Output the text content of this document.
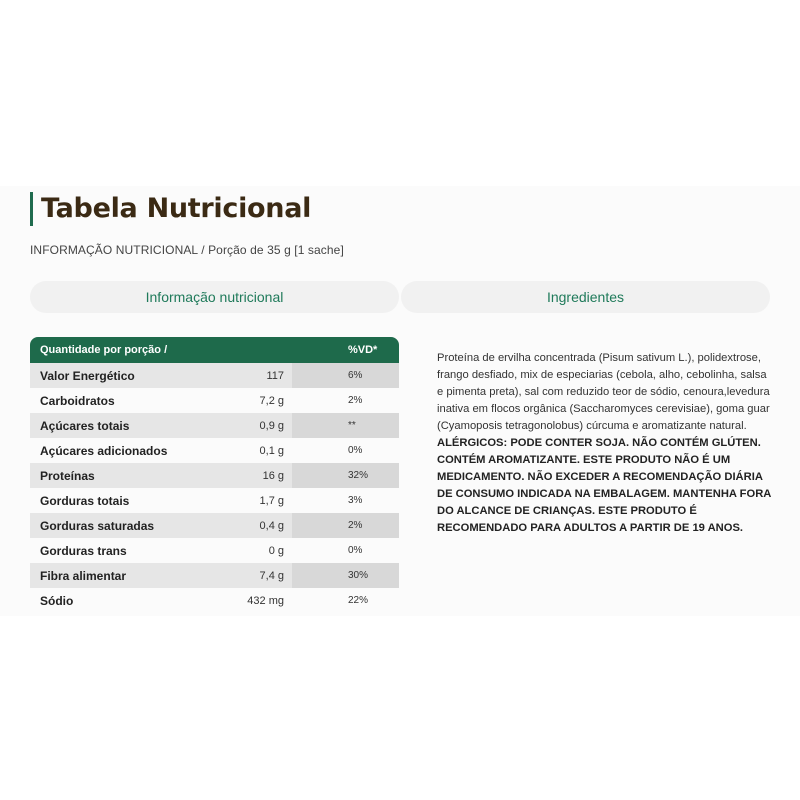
Tabela Nutricional
INFORMAÇÃO NUTRICIONAL / Porção de 35 g [1 sache]
Informação nutricional	Ingredientes
Quantidade por porção /	%VD*
Valor Energético	117	6%
Carboidratos	7,2 g	2%
Açúcares totais	0,9 g	**
Açúcares adicionados	0,1 g	0%
Proteínas	16 g	32%
Gorduras totais	1,7 g	3%
Gorduras saturadas	0,4 g	2%
Gorduras trans	0 g	0%
Fibra alimentar	7,4 g	30%
Sódio	432 mg	22%
Proteína de ervilha concentrada (Pisum sativum L.), polidextrose, frango desfiado, mix de especiarias (cebola, alho, cebolinha, salsa e pimenta preta), sal com reduzido teor de sódio, cenoura,levedura inativa em flocos orgânica (Saccharomyces cerevisiae), goma guar (Cyamoposis tetragonolobus) cúrcuma e aromatizante natural. ALÉRGICOS: PODE CONTER SOJA. NÃO CONTÉM GLÚTEN. CONTÉM AROMATIZANTE. ESTE PRODUTO NÃO É UM MEDICAMENTO. NÃO EXCEDER A RECOMENDAÇÃO DIÁRIA DE CONSUMO INDICADA NA EMBALAGEM. MANTENHA FORA DO ALCANCE DE CRIANÇAS. ESTE PRODUTO É RECOMENDADO PARA ADULTOS A PARTIR DE 19 ANOS.
